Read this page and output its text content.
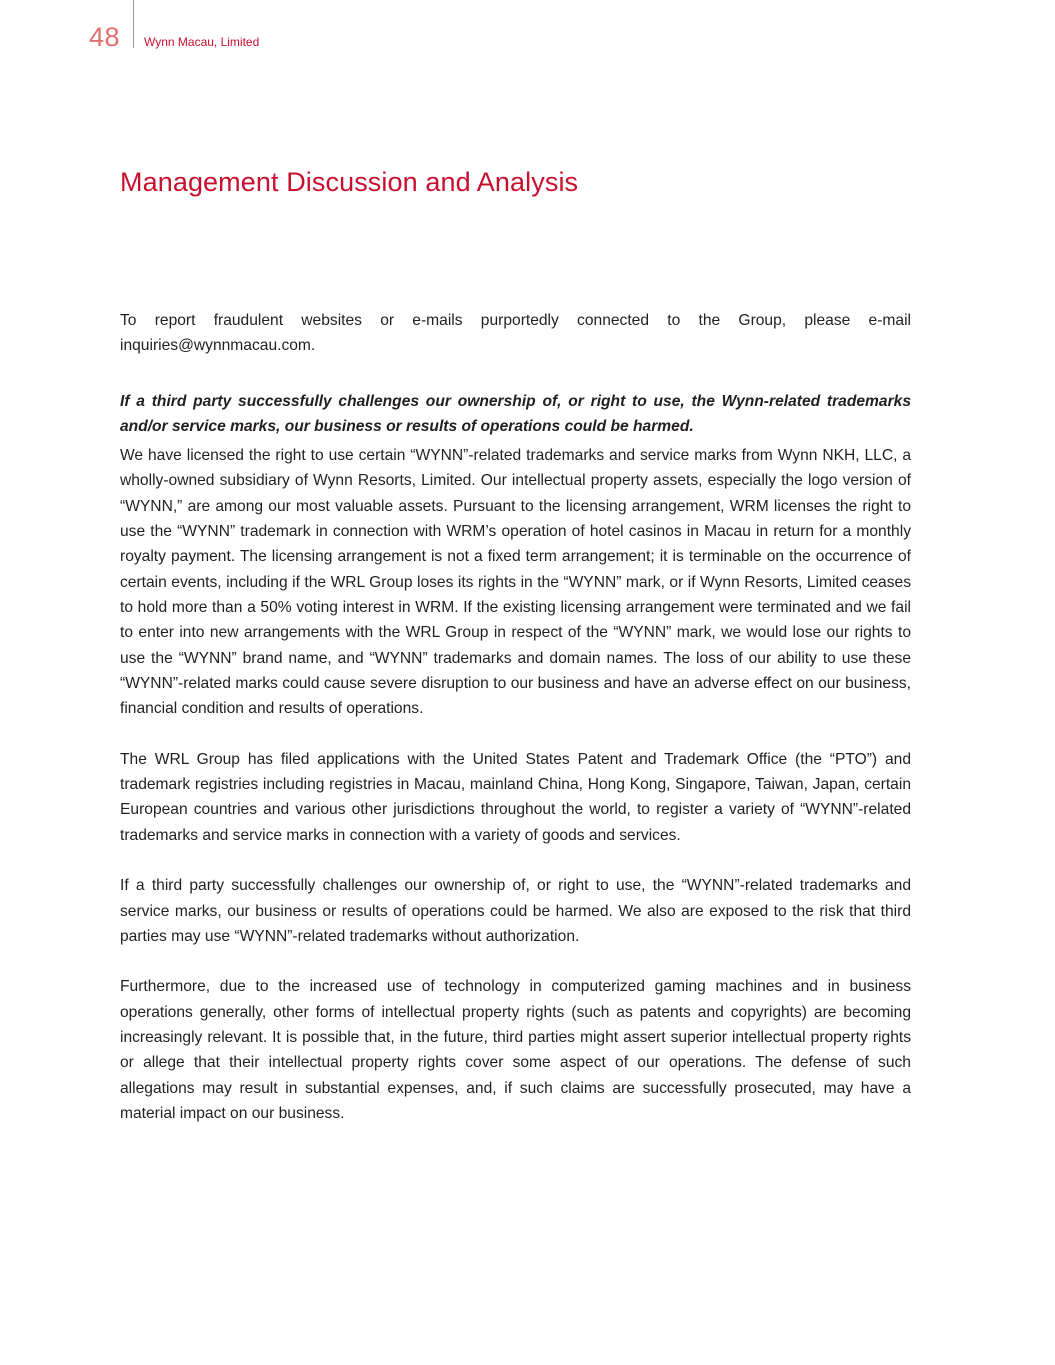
48 Wynn Macau, Limited
Management Discussion and Analysis

To report fraudulent websites or e-mails purportedly connected to the Group, please e-mail inquiries@wynnmacau.com.

If a third party successfully challenges our ownership of, or right to use, the Wynn-related trademarks and/or service marks, our business or results of operations could be harmed.

We have licensed the right to use certain “WYNN”-related trademarks and service marks from Wynn NKH, LLC, a wholly-owned subsidiary of Wynn Resorts, Limited. Our intellectual property assets, especially the logo version of “WYNN,” are among our most valuable assets. Pursuant to the licensing arrangement, WRM licenses the right to use the “WYNN” trademark in connection with WRM’s operation of hotel casinos in Macau in return for a monthly royalty payment. The licensing arrangement is not a fixed term arrangement; it is terminable on the occurrence of certain events, including if the WRL Group loses its rights in the “WYNN” mark, or if Wynn Resorts, Limited ceases to hold more than a 50% voting interest in WRM. If the existing licensing arrangement were terminated and we fail to enter into new arrangements with the WRL Group in respect of the “WYNN” mark, we would lose our rights to use the “WYNN” brand name, and “WYNN” trademarks and domain names. The loss of our ability to use these “WYNN”-related marks could cause severe disruption to our business and have an adverse effect on our business, financial condition and results of operations.

The WRL Group has filed applications with the United States Patent and Trademark Office (the “PTO”) and trademark registries including registries in Macau, mainland China, Hong Kong, Singapore, Taiwan, Japan, certain European countries and various other jurisdictions throughout the world, to register a variety of “WYNN”-related trademarks and service marks in connection with a variety of goods and services.

If a third party successfully challenges our ownership of, or right to use, the “WYNN”-related trademarks and service marks, our business or results of operations could be harmed. We also are exposed to the risk that third parties may use “WYNN”-related trademarks without authorization.

Furthermore, due to the increased use of technology in computerized gaming machines and in business operations generally, other forms of intellectual property rights (such as patents and copyrights) are becoming increasingly relevant. It is possible that, in the future, third parties might assert superior intellectual property rights or allege that their intellectual property rights cover some aspect of our operations. The defense of such allegations may result in substantial expenses, and, if such claims are successfully prosecuted, may have a material impact on our business.
